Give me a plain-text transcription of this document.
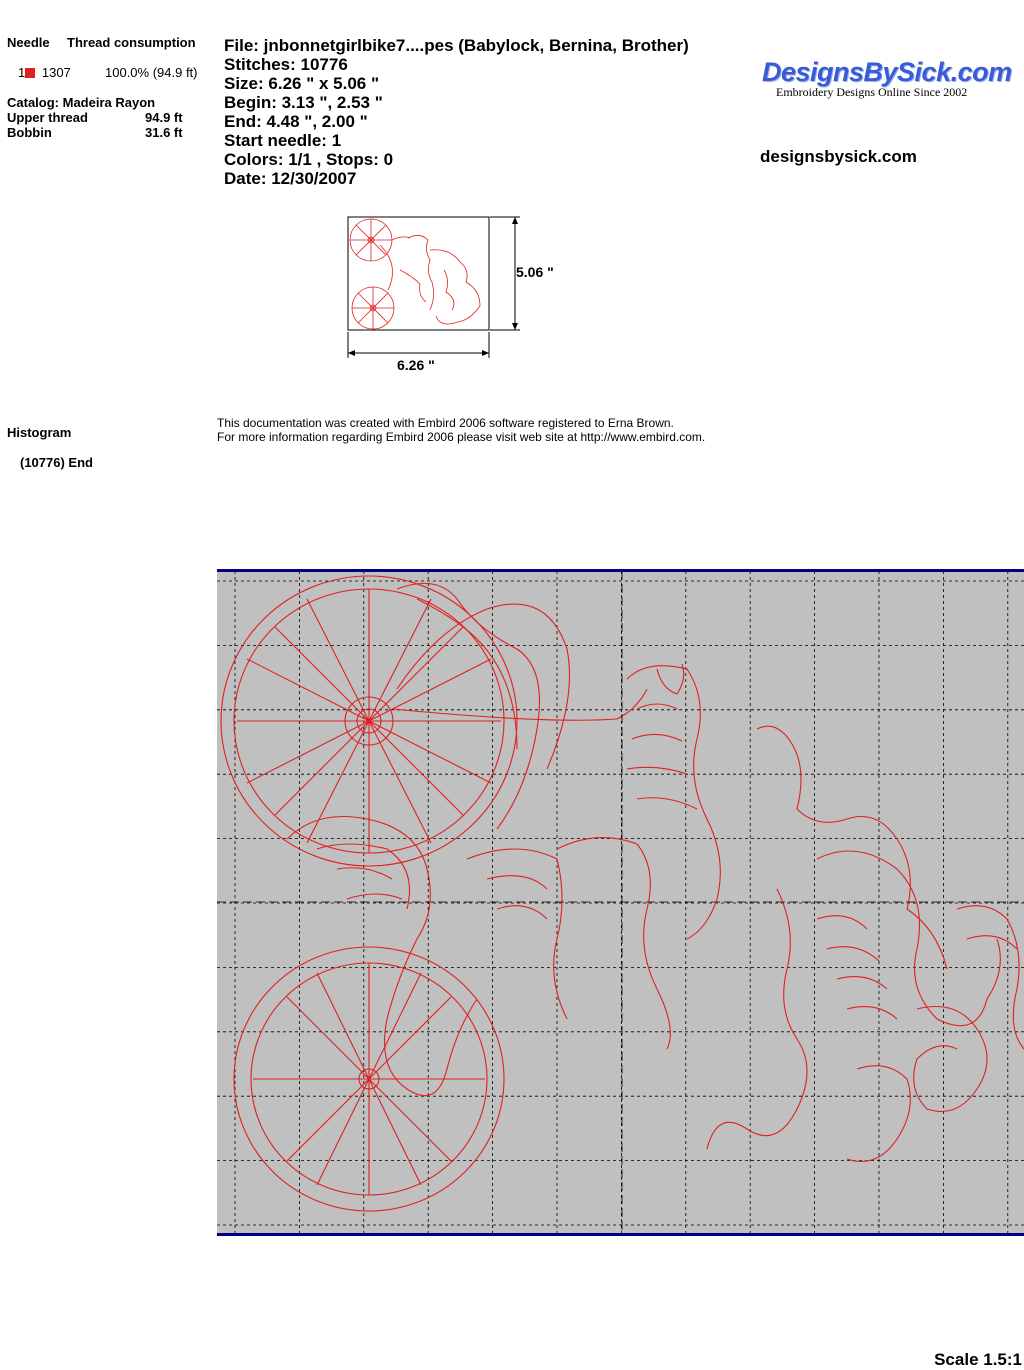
Needle Thread consumption
1 1307	100.0% (94.9 ft)
Catalog: Madeira Rayon
Upper thread	94.9 ft
Bobbin	31.6 ft
Histogram
(10776) End
File: jnbonnetgirlbike7....pes (Babylock, Bernina, Brother)
Stitches: 10776
Size: 6.26 " x 5.06 "
Begin: 3.13 ", 2.53 "
End: 4.48 ", 2.00 "
Start needle: 1
Colors: 1/1 , Stops: 0
Date: 12/30/2007
DesignsBySick.com
Embroidery Designs Online Since 2002
designsbysick.com
5.06 "
6.26 "
This documentation was created with Embird 2006 software registered to Erna Brown.
For more information regarding Embird 2006 please visit web site at http://www.embird.com.
Scale 1.5:1
